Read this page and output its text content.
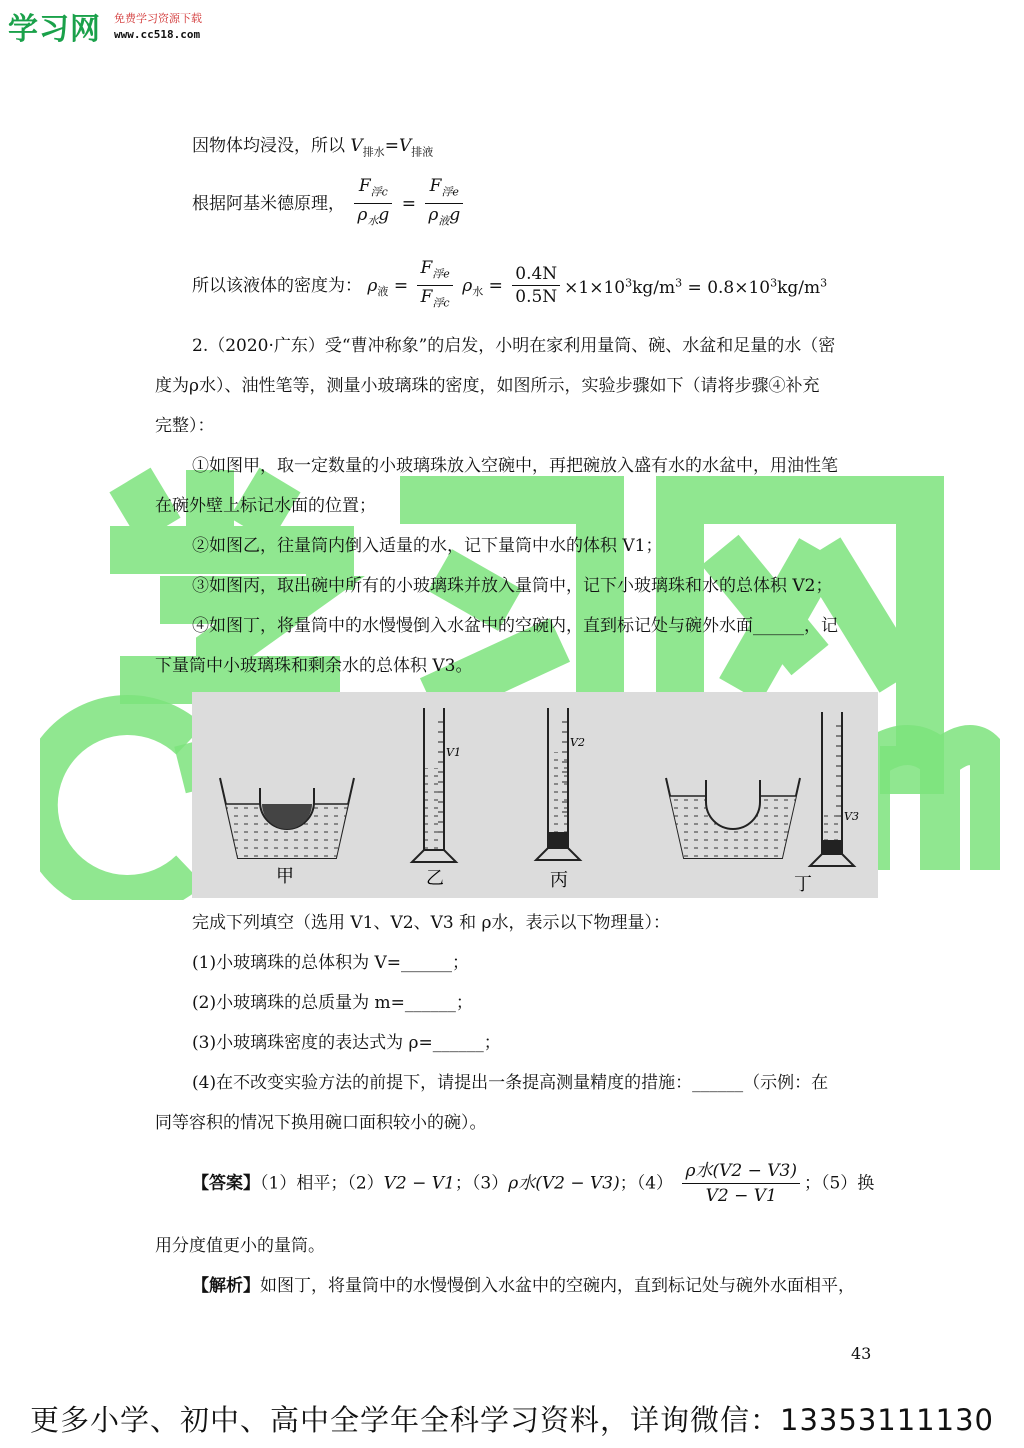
学习网 免费学习资源下载
www.cc518.com
因物体均浸没，所以 $V_{排水}=V_{排液}$
根据阿基米德原理， $\frac{F_{浮c}}{\rho_水g} = \frac{F_{浮e}}{\rho_液g}$
所以该液体的密度为： $\rho_液 = \frac{F_{浮e}}{F_{浮c}} \rho_水 = \frac{0.4N}{0.5N} \times 1\times 10^3kg/m^3 = 0.8\times 10^3kg/m^3$
2.（2020·广东）受“曹冲称象”的启发，小明在家利用量筒、碗、水盆和足量的水（密
度为ρ水）、油性笔等，测量小玻璃珠的密度，如图所示，实验步骤如下（请将步骤④补充
完整）：
①如图甲，取一定数量的小玻璃珠放入空碗中，再把碗放入盛有水的水盆中，用油性笔
在碗外壁上标记水面的位置；
②如图乙，往量筒内倒入适量的水，记下量筒中水的体积 V1；
③如图丙，取出碗中所有的小玻璃珠并放入量筒中，记下小玻璃珠和水的总体积 V2；
④如图丁，将量筒中的水慢慢倒入水盆中的空碗内，直到标记处与碗外水面______，记
下量筒中小玻璃珠和剩余水的总体积 V3。
V1
V2
V3
甲	乙	丙	丁
完成下列填空（选用 V1、V2、V3 和 ρ水，表示以下物理量）：
(1)小玻璃珠的总体积为 V=______；
(2)小玻璃珠的总质量为 m=______；
(3)小玻璃珠密度的表达式为 ρ=______；
(4)在不改变实验方法的前提下，请提出一条提高测量精度的措施：______（示例：在
同等容积的情况下换用碗口面积较小的碗）。
【答案】（1）相平；（2）V2 − V1；（3）ρ水(V2 − V3)；$(4) \frac{\text{ρ水(V2 − V3)}}{V2 - V1}$ ；（5）换
用分度值更小的量筒。
【解析】如图丁，将量筒中的水慢慢倒入水盆中的空碗内，直到标记处与碗外水面相平，
43
更多小学、初中、高中全学年全科学习资料，详询微信：13353111130
